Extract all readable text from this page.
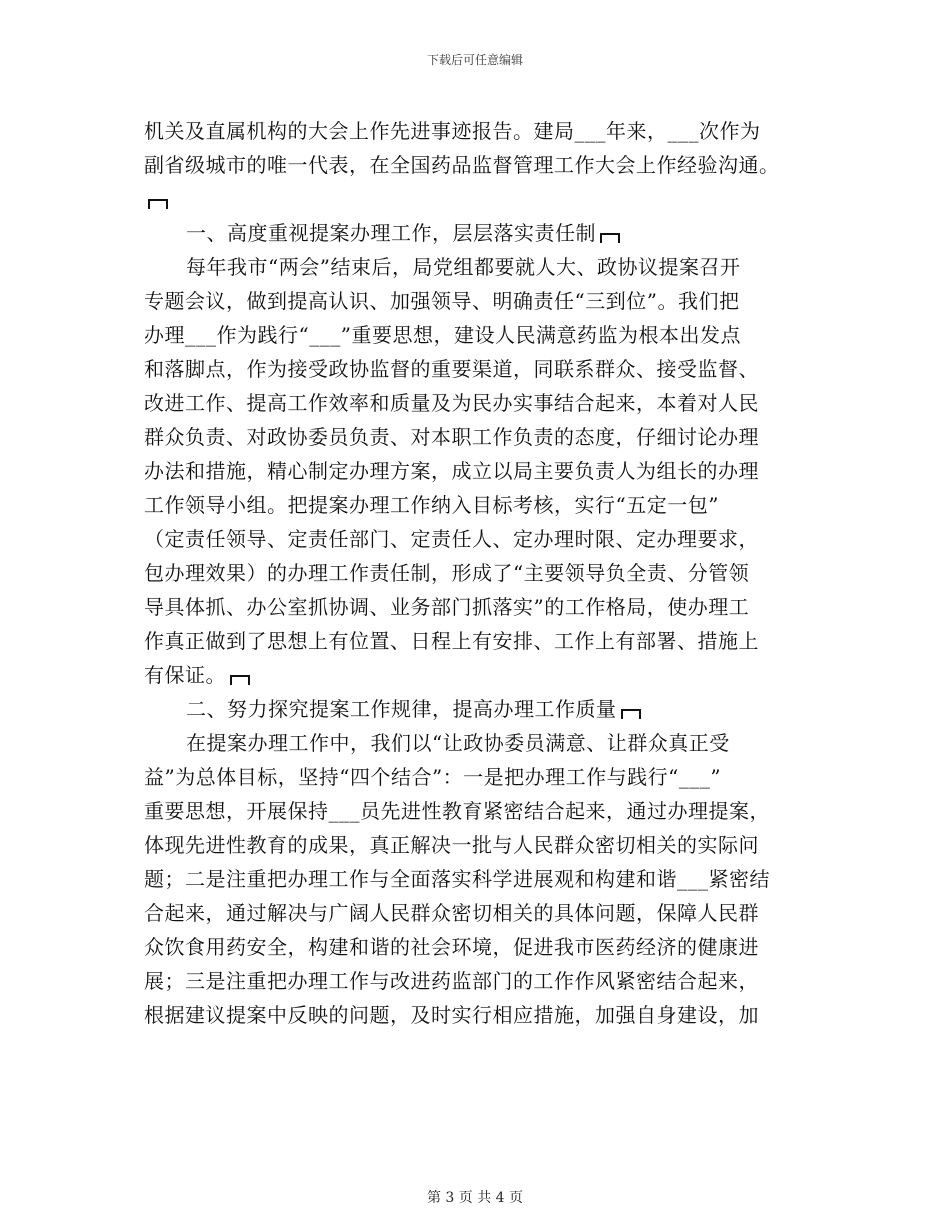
下载后可任意编辑
机关及直属机构的大会上作先进事迹报告。建局___年来，___次作为
副省级城市的唯一代表，在全国药品监督管理工作大会上作经验沟通。
一、高度重视提案办理工作，层层落实责任制
每年我市“两会”结束后，局党组都要就人大、政协议提案召开
专题会议，做到提高认识、加强领导、明确责任“三到位”。我们把
办理___作为践行“___”重要思想，建设人民满意药监为根本出发点
和落脚点，作为接受政协监督的重要渠道，同联系群众、接受监督、
改进工作、提高工作效率和质量及为民办实事结合起来，本着对人民
群众负责、对政协委员负责、对本职工作负责的态度，仔细讨论办理
办法和措施，精心制定办理方案，成立以局主要负责人为组长的办理
工作领导小组。把提案办理工作纳入目标考核，实行“五定一包”
（定责任领导、定责任部门、定责任人、定办理时限、定办理要求，
包办理效果）的办理工作责任制，形成了“主要领导负全责、分管领
导具体抓、办公室抓协调、业务部门抓落实”的工作格局，使办理工
作真正做到了思想上有位置、日程上有安排、工作上有部署、措施上
有保证。
二、努力探究提案工作规律，提高办理工作质量
在提案办理工作中，我们以“让政协委员满意、让群众真正受
益”为总体目标，坚持“四个结合”：一是把办理工作与践行“___”
重要思想，开展保持___员先进性教育紧密结合起来，通过办理提案，
体现先进性教育的成果，真正解决一批与人民群众密切相关的实际问
题；二是注重把办理工作与全面落实科学进展观和构建和谐___紧密结
合起来，通过解决与广阔人民群众密切相关的具体问题，保障人民群
众饮食用药安全，构建和谐的社会环境，促进我市医药经济的健康进
展；三是注重把办理工作与改进药监部门的工作作风紧密结合起来，
根据建议提案中反映的问题，及时实行相应措施，加强自身建设，加
第 3 页 共 4 页
